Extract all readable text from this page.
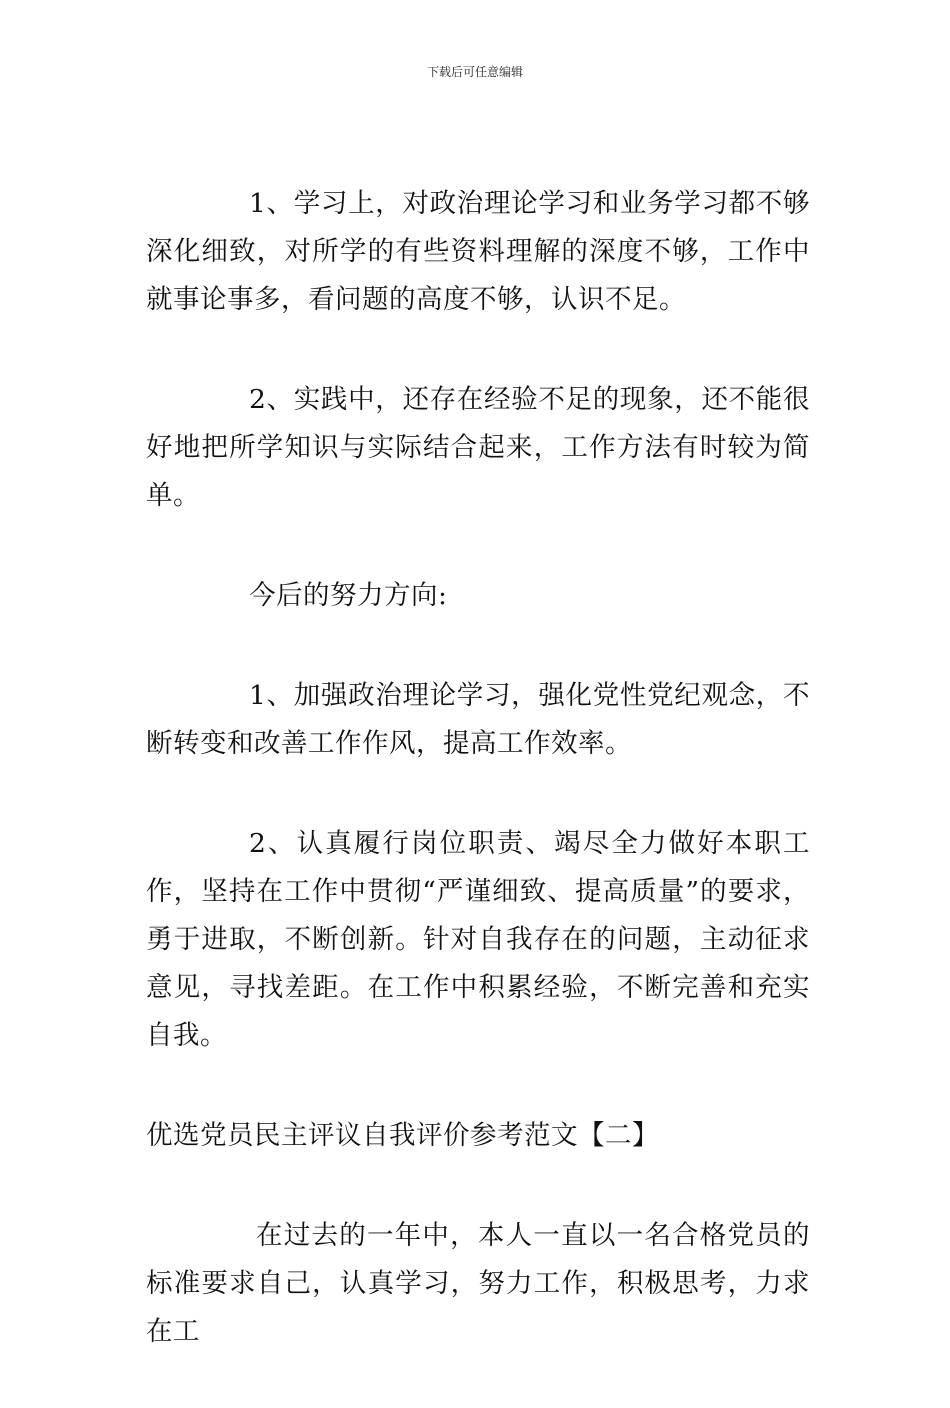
下载后可任意编辑

1、学习上，对政治理论学习和业务学习都不够深化细致，对所学的有些资料理解的深度不够，工作中就事论事多，看问题的高度不够，认识不足。

2、实践中，还存在经验不足的现象，还不能很好地把所学知识与实际结合起来，工作方法有时较为简单。

今后的努力方向:

1、加强政治理论学习，强化党性党纪观念，不断转变和改善工作作风，提高工作效率。

2、认真履行岗位职责、竭尽全力做好本职工作，坚持在工作中贯彻“严谨细致、提高质量”的要求，勇于进取，不断创新。针对自我存在的问题，主动征求意见，寻找差距。在工作中积累经验，不断完善和充实自我。

优选党员民主评议自我评价参考范文【二】

在过去的一年中，本人一直以一名合格党员的标准要求自己，认真学习，努力工作，积极思考，力求在工
